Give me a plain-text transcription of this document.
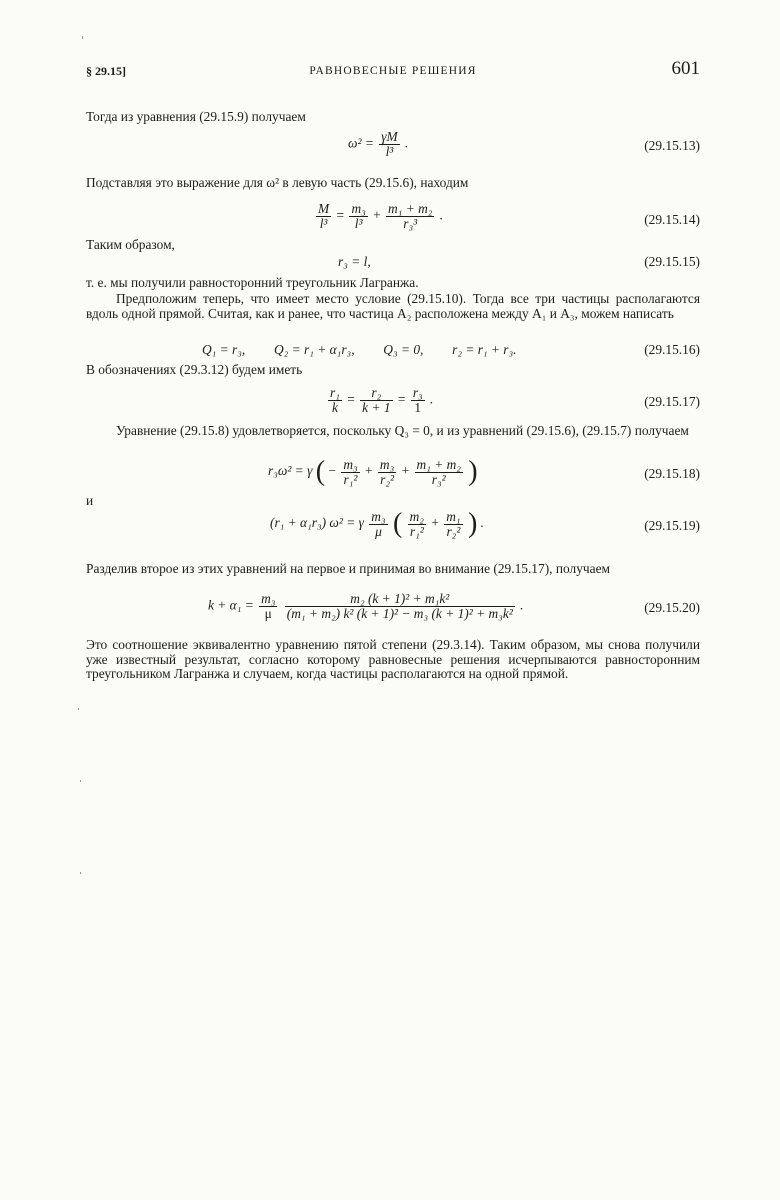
§ 29.15]	РАВНОВЕСНЫЕ РЕШЕНИЯ	601

Тогда из уравнения (29.15.9) получаем

$\omega^2 = \frac{\gamma M}{\text{l³}}$ .	(29.15.13)

Подставляя это выражение для ω² в левую часть (29.15.6), находим

$\frac{M}{\text{l³}} = \frac{\text{m₃}}{\text{l³}} + \frac{\text{m₁ + m₂}}{\text{r₃³}}$ .	(29.15.14)

Таким образом,

r₃ = l,	(29.15.15)

т. е. мы получили равносторонний треугольник Лагранжа.

Предположим теперь, что имеет место условие (29.15.10). Тогда все три частицы располагаются вдоль одной прямой. Считая, как и ранее, что частица A₂ расположена между A₁ и A₃, можем написать

Q₁ = r₃, Q₂ = r₁ + α₁r₃, Q₃ = 0, r₂ = r₁ + r₃.	(29.15.16)

В обозначениях (29.3.12) будем иметь

$\frac{\text{r₁}}{k} = \frac{\text{r₂}}{k + 1} = \frac{\text{r₃}}{1}$ .	(29.15.17)

Уравнение (29.15.8) удовлетворяется, поскольку Q₃ = 0, и из уравнений (29.15.6), (29.15.7) получаем

r₃ω² = γ ( − $\frac{\text{m₃}}{\text{r₁²}} + \frac{\text{m₃}}{\text{r₂²}} + \frac{\text{m₁ + m₂}}{\text{r₃²}}$ )	(29.15.18)

и

(r₁ + α₁r₃) ω² = γ $\frac{\text{m₃}}{\mu}$ ( $\frac{\text{m₂}}{\text{r₁²}} + \frac{\text{m₁}}{\text{r₂²}}$ ) .	(29.15.19)

Разделив второе из этих уравнений на первое и принимая во внимание (29.15.17), получаем

$k + \alpha_1 = \frac{\text{m₃}}{\mu}$
$\frac{\text{m₂ (k + 1)² + m₁k²}}{\text{(m₁ + m₂) k² (k + 1)² − m₃ (k + 1)² + m₃k²}}$ .	(29.15.20)

Это соотношение эквивалентно уравнению пятой степени (29.3.14). Таким образом, мы снова получили уже известный результат, согласно которому равновесные решения исчерпываются равносторонним треугольником Лагранжа и случаем, когда частицы располагаются на одной прямой.
